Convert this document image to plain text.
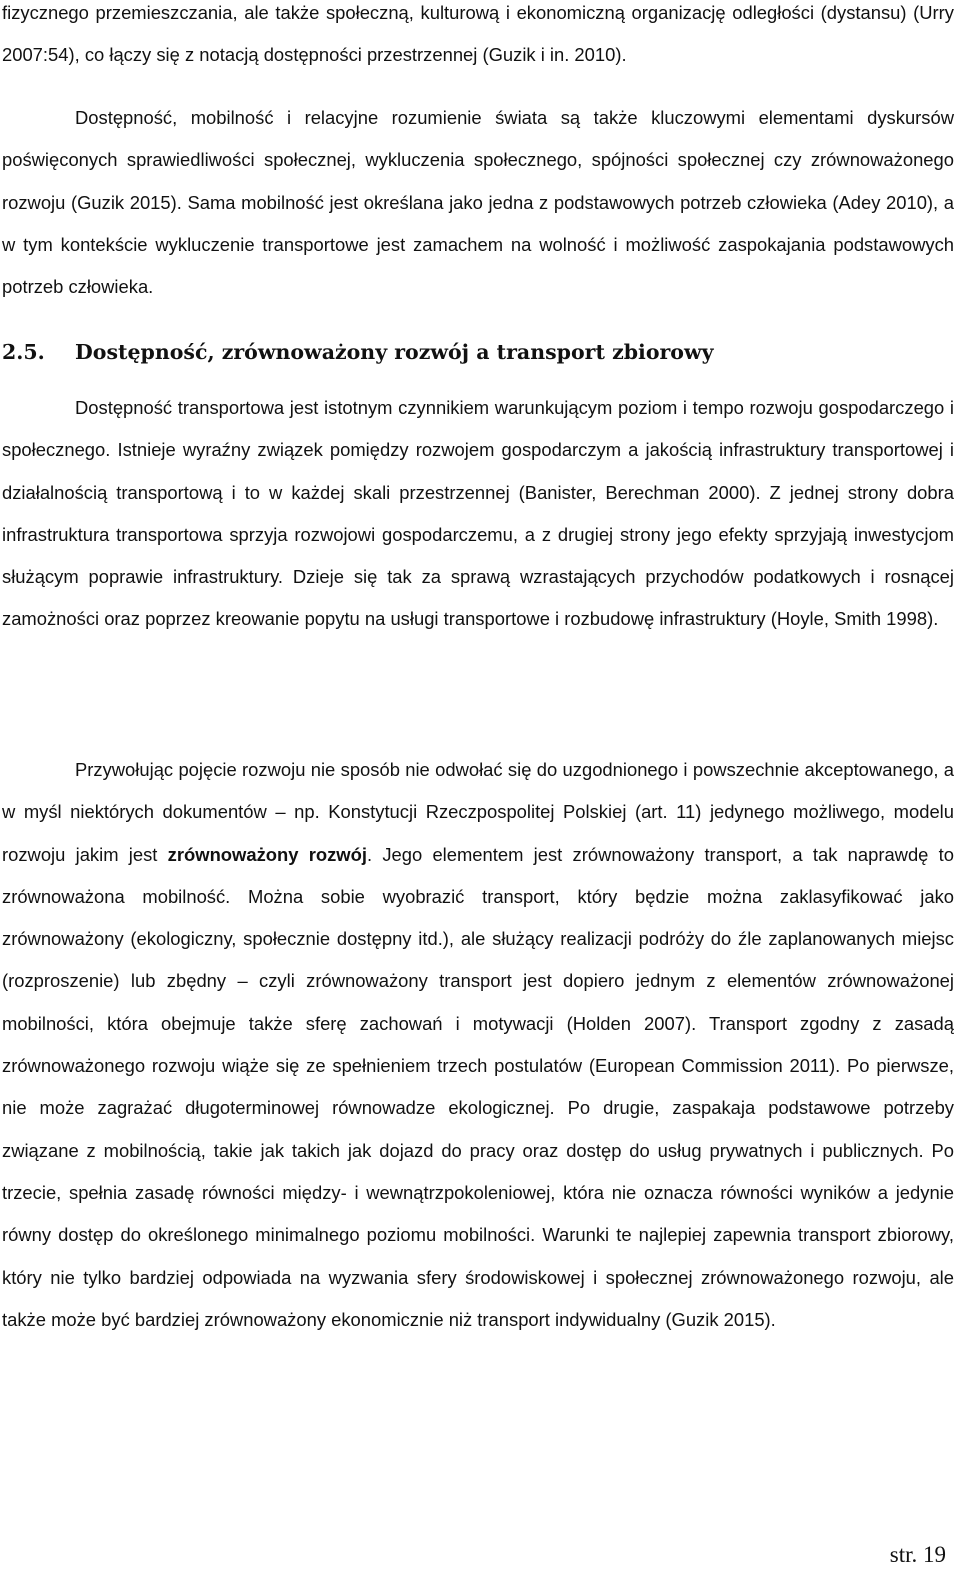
fizycznego przemieszczania, ale także społeczną, kulturową i ekonomiczną organizację odległości (dystansu) (Urry 2007:54), co łączy się z notacją dostępności przestrzennej (Guzik i in. 2010).

Dostępność, mobilność i relacyjne rozumienie świata są także kluczowymi elementami dyskursów poświęconych sprawiedliwości społecznej, wykluczenia społecznego, spójności społecznej czy zrównoważonego rozwoju (Guzik 2015). Sama mobilność jest określana jako jedna z podstawowych potrzeb człowieka (Adey 2010), a w tym kontekście wykluczenie transportowe jest zamachem na wolność i możliwość zaspokajania podstawowych potrzeb człowieka.

2.5. Dostępność, zrównoważony rozwój a transport zbiorowy

Dostępność transportowa jest istotnym czynnikiem warunkującym poziom i tempo rozwoju gospodarczego i społecznego. Istnieje wyraźny związek pomiędzy rozwojem gospodarczym a jakością infrastruktury transportowej i działalnością transportową i to w każdej skali przestrzennej (Banister, Berechman 2000). Z jednej strony dobra infrastruktura transportowa sprzyja rozwojowi gospodarczemu, a z drugiej strony jego efekty sprzyjają inwestycjom służącym poprawie infrastruktury. Dzieje się tak za sprawą wzrastających przychodów podatkowych i rosnącej zamożności oraz poprzez kreowanie popytu na usługi transportowe i rozbudowę infrastruktury (Hoyle, Smith 1998).

Przywołując pojęcie rozwoju nie sposób nie odwołać się do uzgodnionego i powszechnie akceptowanego, a w myśl niektórych dokumentów – np. Konstytucji Rzeczpospolitej Polskiej (art. 11) jedynego możliwego, modelu rozwoju jakim jest zrównoważony rozwój. Jego elementem jest zrównoważony transport, a tak naprawdę to zrównoważona mobilność. Można sobie wyobrazić transport, który będzie można zaklasyfikować jako zrównoważony (ekologiczny, społecznie dostępny itd.), ale służący realizacji podróży do źle zaplanowanych miejsc (rozproszenie) lub zbędny – czyli zrównoważony transport jest dopiero jednym z elementów zrównoważonej mobilności, która obejmuje także sferę zachowań i motywacji (Holden 2007). Transport zgodny z zasadą zrównoważonego rozwoju wiąże się ze spełnieniem trzech postulatów (European Commission 2011). Po pierwsze, nie może zagrażać długoterminowej równowadze ekologicznej. Po drugie, zaspakaja podstawowe potrzeby związane z mobilnością, takie jak takich jak dojazd do pracy oraz dostęp do usług prywatnych i publicznych. Po trzecie, spełnia zasadę równości między- i wewnątrzpokoleniowej, która nie oznacza równości wyników a jedynie równy dostęp do określonego minimalnego poziomu mobilności. Warunki te najlepiej zapewnia transport zbiorowy, który nie tylko bardziej odpowiada na wyzwania sfery środowiskowej i społecznej zrównoważonego rozwoju, ale także może być bardziej zrównoważony ekonomicznie niż transport indywidualny (Guzik 2015).

str. 19
